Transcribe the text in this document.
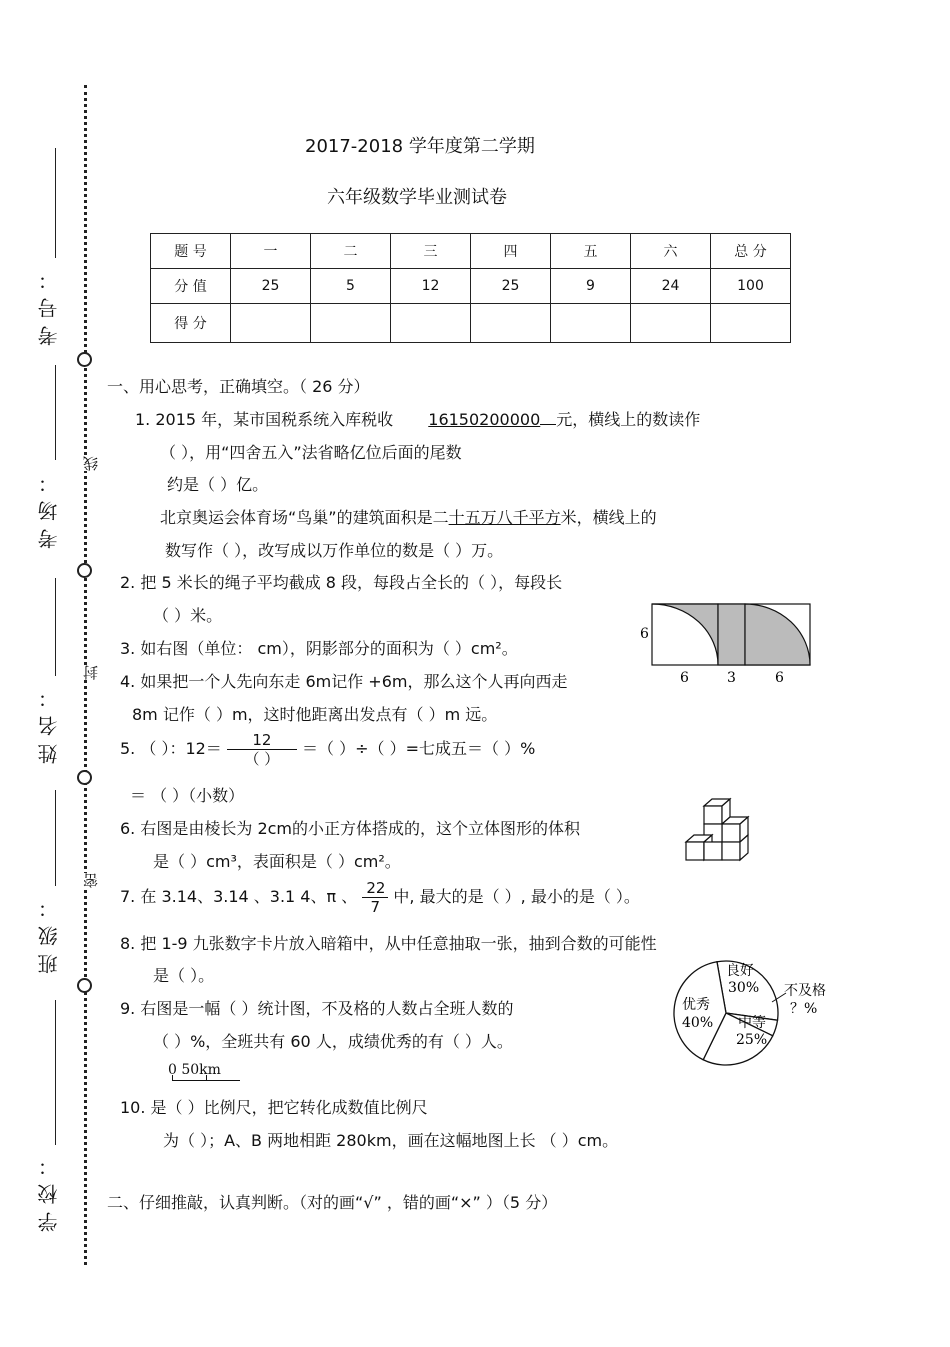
考号：
考场：
姓名：
班级：
学校：
线
封
密
2017-2018 学年度第二学期
六年级数学毕业测试卷
题 号	一	二	三	四	五	六	总 分
分 值	25	5	12	25	9	24	100
得 分							
一、用心思考，正确填空。（ 26 分）
1. 2015 年，某市国税系统入库税收 16150200000 元，横线上的数读作
（ ），用“四舍五入”法省略亿位后面的尾数
约是（ ）亿。
北京奥运会体育场“鸟巢”的建筑面积是二十五万八千平方米，横线上的
数写作（ ），改写成以万作单位的数是（ ）万。
2. 把 5 米长的绳子平均截成 8 段，每段占全长的（ ），每段长
（ ）米。
3. 如右图（单位： cm），阴影部分的面积为（ ）cm²。
4. 如果把一个人先向东走 6m记作 +6m，那么这个人再向西走
8m 记作（ ）m，这时他距离出发点有（ ）m 远。
5. （ ）：$12= \frac{12}{( )}$ ＝（ ）÷（ ）=七成五＝（ ）%
＝ （ ）（小数）
6. 右图是由棱长为 2cm的小正方体搭成的，这个立体图形的体积
是（ ）cm³，表面积是（ ）cm²。
7. 在 3.14、3.14 、3.1 4、π 、 $\frac{22}{7}$ 中, 最大的是（ ）, 最小的是（ ）。
8. 把 1-9 九张数字卡片放入暗箱中，从中任意抽取一张，抽到合数的可能性
是（ ）。
9. 右图是一幅（ ）统计图，不及格的人数占全班人数的
（ ）%，全班共有 60 人，成绩优秀的有（ ）人。
0 50km
10. 是（ ）比例尺，把它转化成数值比例尺
为（ ）；A、B 两地相距 280km，画在这幅地图上长 （ ）cm。
二、仔细推敲，认真判断。（对的画“√” ，错的画“×” ）（5 分）
6
6	3	6
良好
30% 不及格
？%
中等
25%
优秀
40%
